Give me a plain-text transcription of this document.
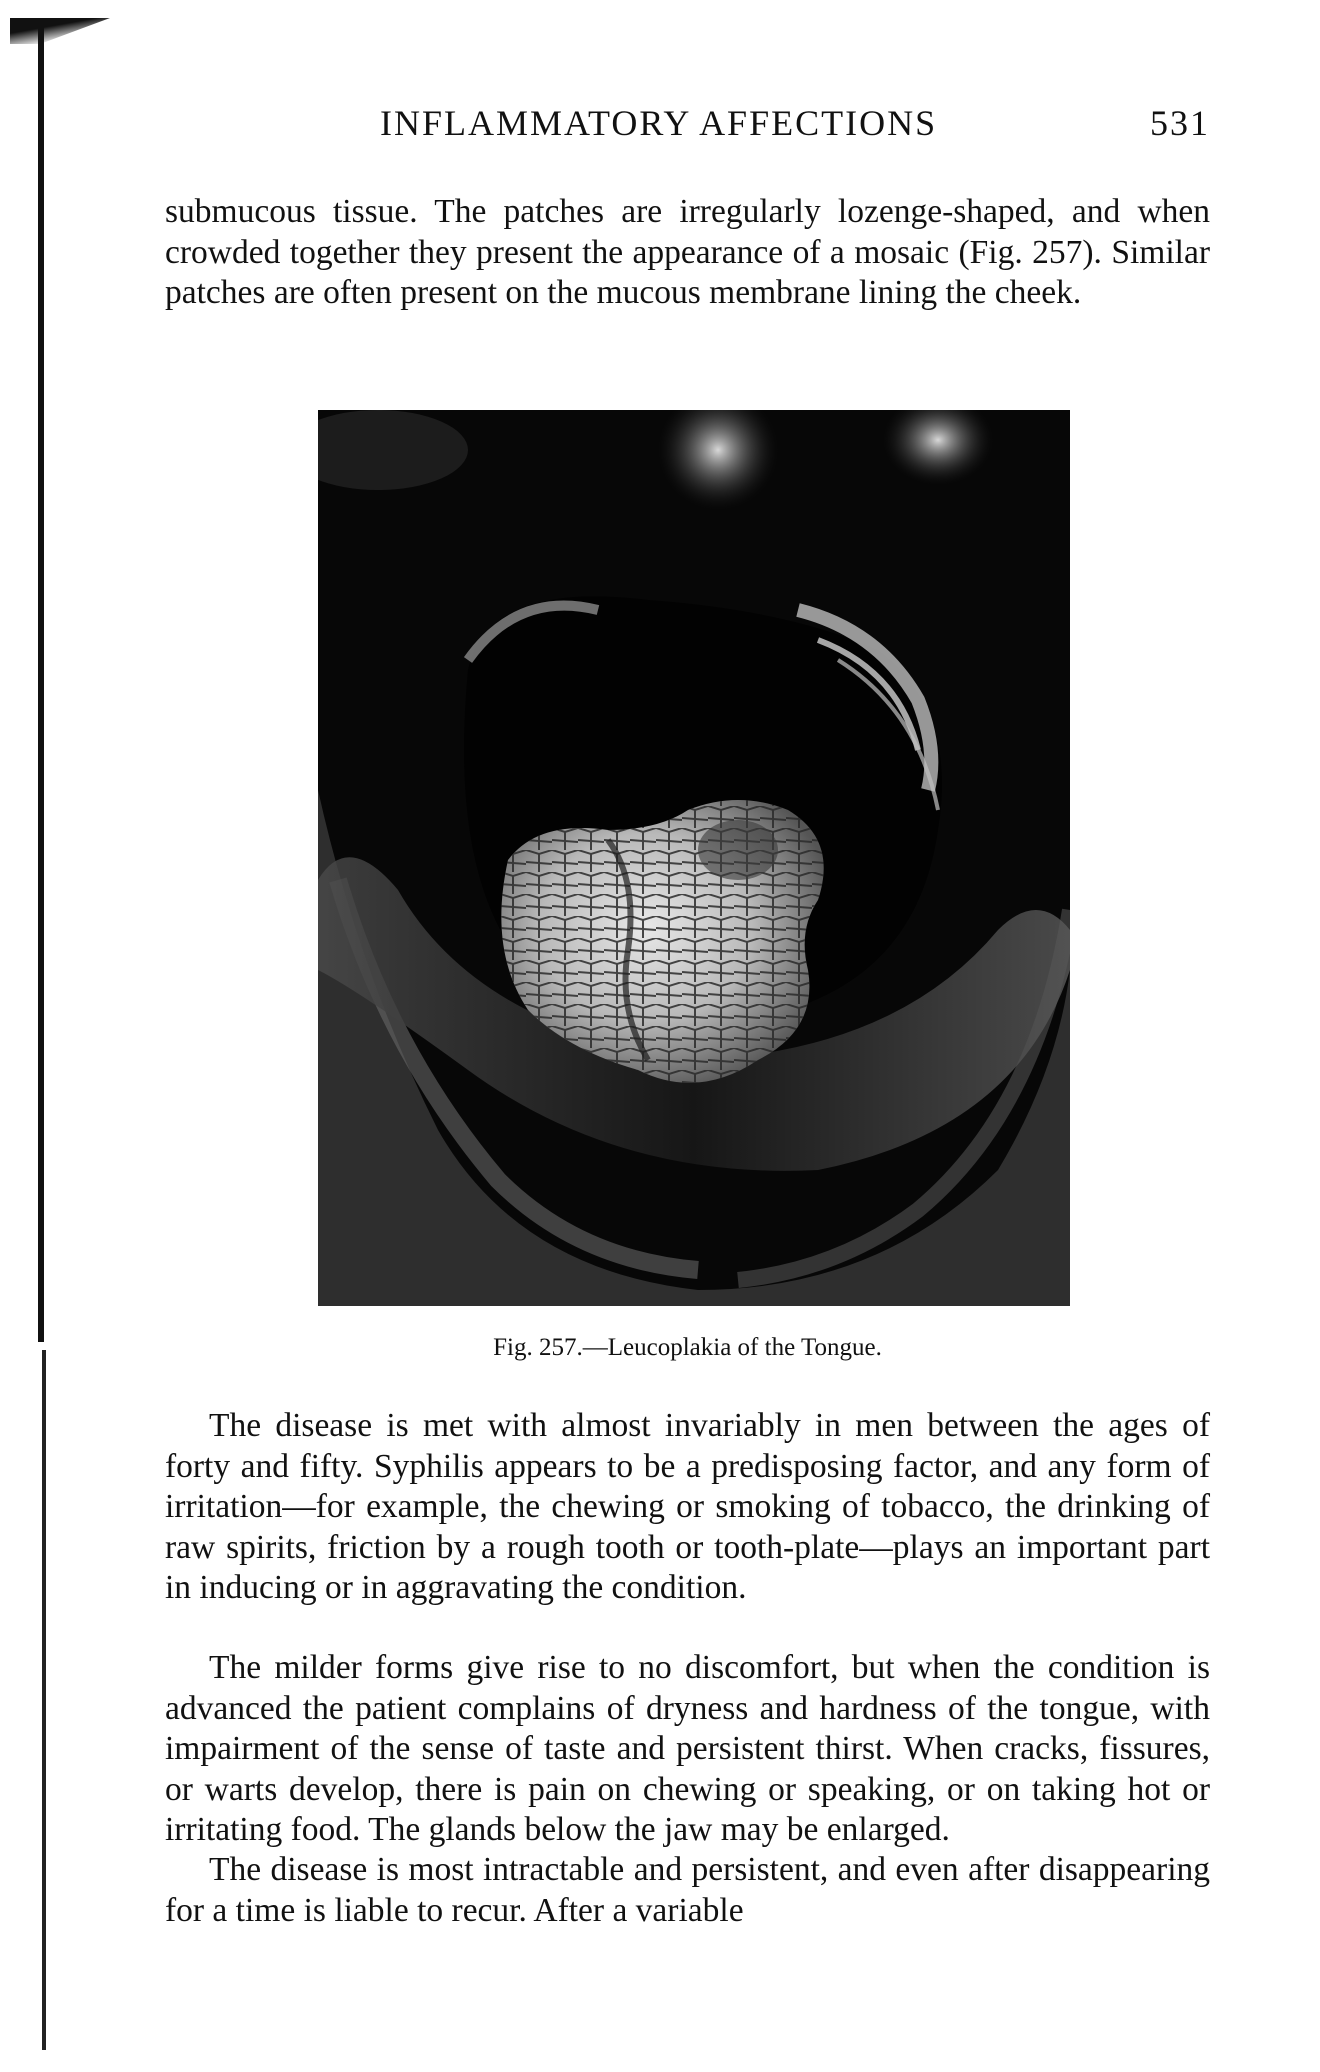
INFLAMMATORY AFFECTIONS	531

submucous tissue. The patches are irregularly lozenge-shaped, and when crowded together they present the appearance of a mosaic (Fig. 257). Similar patches are often present on the mucous membrane lining the cheek.

Fig. 257.—Leucoplakia of the Tongue.

The disease is met with almost invariably in men between the ages of forty and fifty. Syphilis appears to be a predisposing factor, and any form of irritation—for example, the chewing or smoking of tobacco, the drinking of raw spirits, friction by a rough tooth or tooth-plate—plays an important part in inducing or in aggravating the condition.

The milder forms give rise to no discomfort, but when the condition is advanced the patient complains of dryness and hardness of the tongue, with impairment of the sense of taste and persistent thirst. When cracks, fissures, or warts develop, there is pain on chewing or speaking, or on taking hot or irritating food. The glands below the jaw may be enlarged.

The disease is most intractable and persistent, and even after disappearing for a time is liable to recur. After a variable
